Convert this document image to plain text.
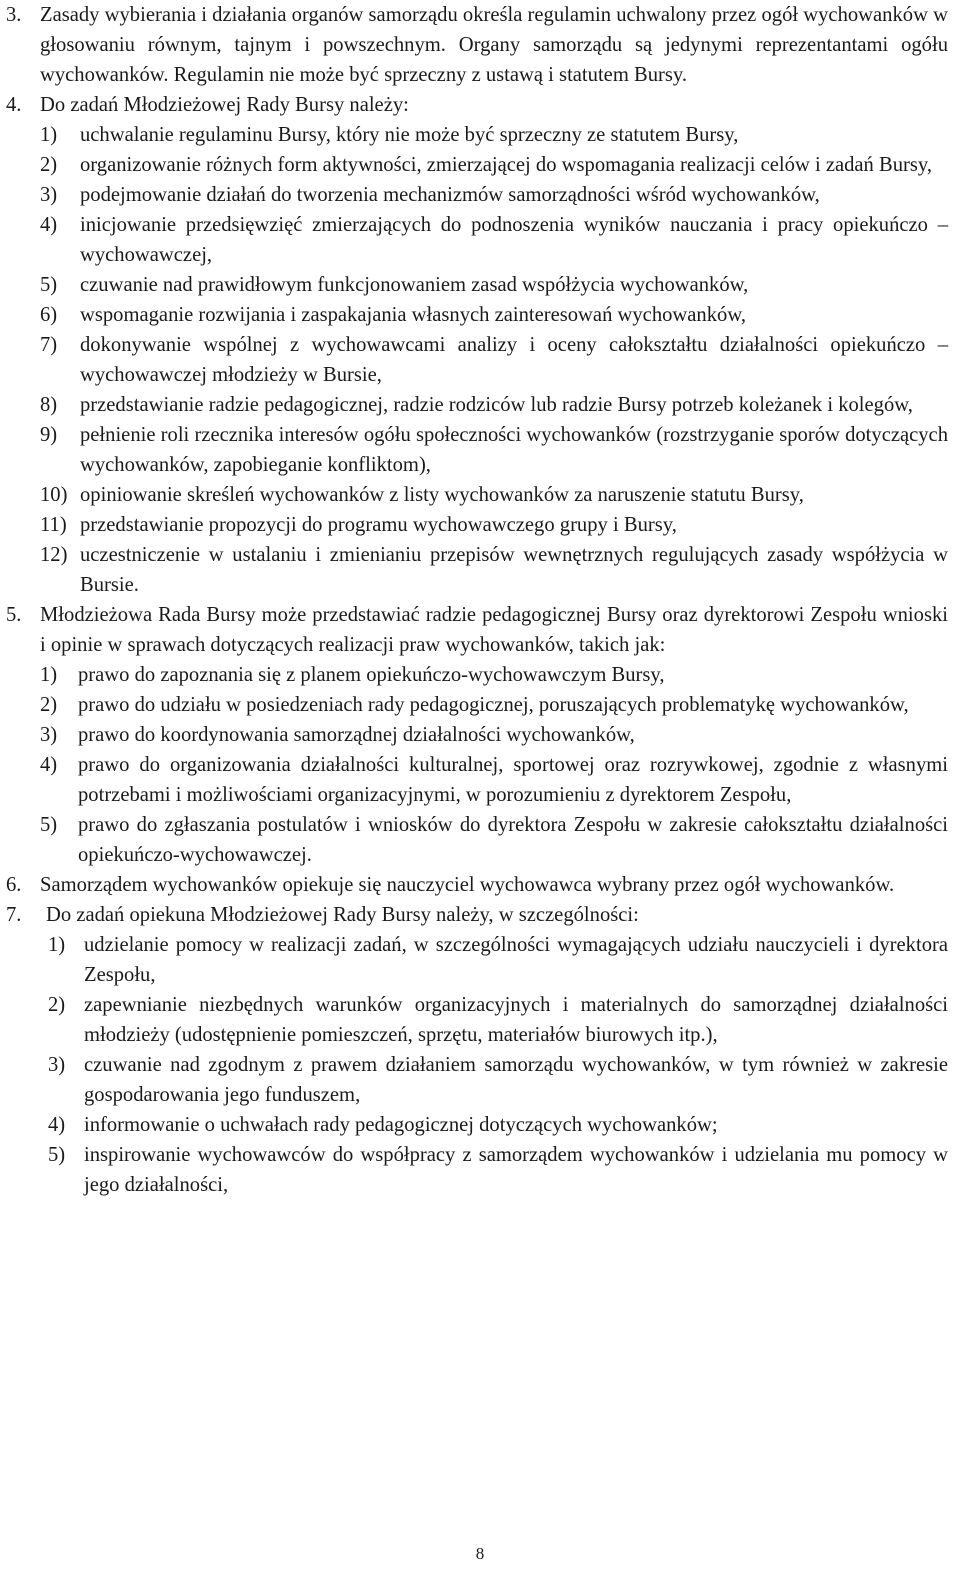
3. Zasady wybierania i działania organów samorządu określa regulamin uchwalony przez ogół wychowanków w głosowaniu równym, tajnym i powszechnym. Organy samorządu są jedynymi reprezentantami ogółu wychowanków. Regulamin nie może być sprzeczny z ustawą i statutem Bursy.
4. Do zadań Młodzieżowej Rady Bursy należy:
1) uchwalanie regulaminu Bursy, który nie może być sprzeczny ze statutem Bursy,
2) organizowanie różnych form aktywności, zmierzającej do wspomagania realizacji celów i zadań Bursy,
3) podejmowanie działań do tworzenia mechanizmów samorządności wśród wychowanków,
4) inicjowanie przedsięwzięć zmierzających do podnoszenia wyników nauczania i pracy opiekuńczo – wychowawczej,
5) czuwanie nad prawidłowym funkcjonowaniem zasad współżycia wychowanków,
6) wspomaganie rozwijania i zaspakajania własnych zainteresowań wychowanków,
7) dokonywanie wspólnej z wychowawcami analizy i oceny całokształtu działalności opiekuńczo – wychowawczej młodzieży w Bursie,
8) przedstawianie radzie pedagogicznej, radzie rodziców lub radzie Bursy potrzeb koleżanek i kolegów,
9) pełnienie roli rzecznika interesów ogółu społeczności wychowanków (rozstrzyganie sporów dotyczących wychowanków, zapobieganie konfliktom),
10) opiniowanie skreśleń wychowanków z listy wychowanków za naruszenie statutu Bursy,
11) przedstawianie propozycji do programu wychowawczego grupy i Bursy,
12) uczestniczenie w ustalaniu i zmienianiu przepisów wewnętrznych regulujących zasady współżycia w Bursie.
5. Młodzieżowa Rada Bursy może przedstawiać radzie pedagogicznej Bursy oraz dyrektorowi Zespołu wnioski i opinie w sprawach dotyczących realizacji praw wychowanków, takich jak:
1) prawo do zapoznania się z planem opiekuńczo-wychowawczym Bursy,
2) prawo do udziału w posiedzeniach rady pedagogicznej, poruszających problematykę wychowanków,
3) prawo do koordynowania samorządnej działalności wychowanków,
4) prawo do organizowania działalności kulturalnej, sportowej oraz rozrywkowej, zgodnie z własnymi potrzebami i możliwościami organizacyjnymi, w porozumieniu z dyrektorem Zespołu,
5) prawo do zgłaszania postulatów i wniosków do dyrektora Zespołu w zakresie całokształtu działalności opiekuńczo-wychowawczej.
6. Samorządem wychowanków opiekuje się nauczyciel wychowawca wybrany przez ogół wychowanków.
7. Do zadań opiekuna Młodzieżowej Rady Bursy należy, w szczególności:
1) udzielanie pomocy w realizacji zadań, w szczególności wymagających udziału nauczycieli i dyrektora Zespołu,
2) zapewnianie niezbędnych warunków organizacyjnych i materialnych do samorządnej działalności młodzieży (udostępnienie pomieszczeń, sprzętu, materiałów biurowych itp.),
3) czuwanie nad zgodnym z prawem działaniem samorządu wychowanków, w tym również w zakresie gospodarowania jego funduszem,
4) informowanie o uchwałach rady pedagogicznej dotyczących wychowanków;
5) inspirowanie wychowawców do współpracy z samorządem wychowanków i udzielania mu pomocy w jego działalności,
8
